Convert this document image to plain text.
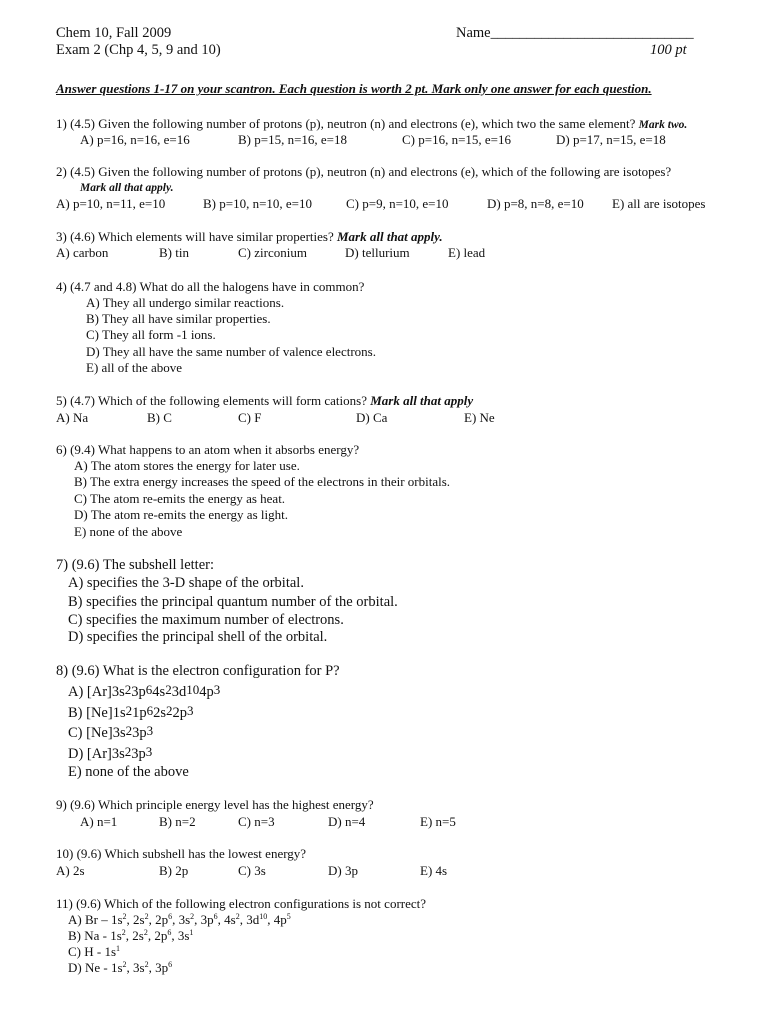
Chem 10, Fall 2009
Exam 2 (Chp 4, 5, 9 and 10)
Name____________________________
100 pt
Answer questions 1-17 on your scantron. Each question is worth 2 pt. Mark only one answer for each question.
1) (4.5) Given the following number of protons (p), neutron (n) and electrons (e), which two the same element? Mark two.
A) p=16, n=16, e=16	B) p=15, n=16, e=18	C) p=16, n=15, e=16	D) p=17, n=15, e=18
2) (4.5) Given the following number of protons (p), neutron (n) and electrons (e), which of the following are isotopes?
Mark all that apply.
A) p=10, n=11, e=10	B) p=10, n=10, e=10	C) p=9, n=10, e=10	D) p=8, n=8, e=10 E) all are isotopes
3) (4.6) Which elements will have similar properties? Mark all that apply.
A) carbon	B) tin	C) zirconium	D) tellurium	E) lead
4) (4.7 and 4.8) What do all the halogens have in common?
A) They all undergo similar reactions.
B) They all have similar properties.
C) They all form -1 ions.
D) They all have the same number of valence electrons.
E) all of the above
5) (4.7) Which of the following elements will form cations? Mark all that apply
A) Na	B) C	C) F	D) Ca	E) Ne
6) (9.4) What happens to an atom when it absorbs energy?
A) The atom stores the energy for later use.
B) The extra energy increases the speed of the electrons in their orbitals.
C) The atom re-emits the energy as heat.
D) The atom re-emits the energy as light.
E) none of the above
7) (9.6) The subshell letter:
A) specifies the 3-D shape of the orbital.
B) specifies the principal quantum number of the orbital.
C) specifies the maximum number of electrons.
D) specifies the principal shell of the orbital.
8) (9.6) What is the electron configuration for P?
A) $[Ar]3s^23p^64s^23d^{10}4p^3$
B) $[Ne]1s^21p^62s^22p^3$
C) $[Ne]3s^23p^3$
D) $[Ar]3s^23p^3$
E) none of the above
9) (9.6) Which principle energy level has the highest energy?
A) n=1	B) n=2	C) n=3	D) n=4	E) n=5
10) (9.6) Which subshell has the lowest energy?
A) 2s	B) 2p	C) 3s	D) 3p	E) 4s
11) (9.6) Which of the following electron configurations is not correct?
A) Br – $1s^2$, $2s^2$, $2p^6$, $3s^2$, $3p^6$, $4s^2$, $3d^{10}$, $4p^5$
B) Na - $1s^2$, $2s^2$, $2p^6$, $3s^1$
C) H - $1s^1$
D) Ne - $1s^2$, $3s^2$, $3p^6$
